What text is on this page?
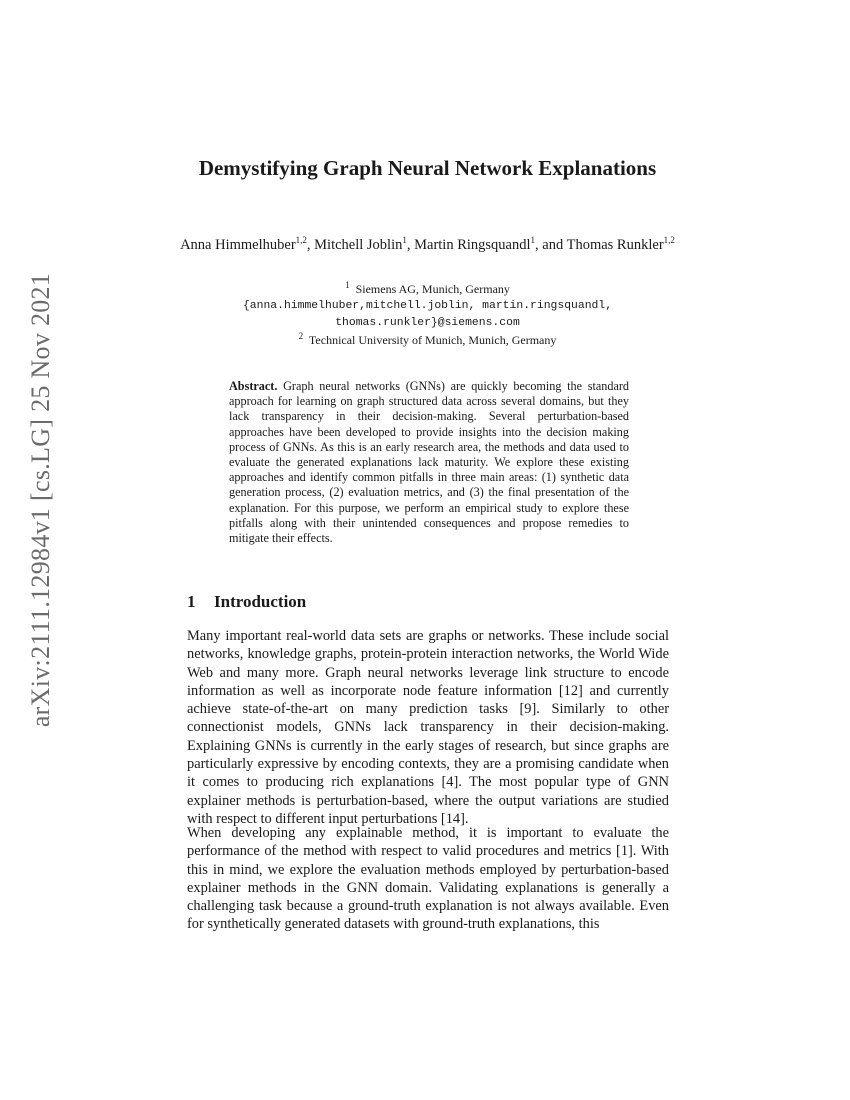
arXiv:2111.12984v1 [cs.LG] 25 Nov 2021
Demystifying Graph Neural Network Explanations
Anna Himmelhuber$^{1,2}$, Mitchell Joblin$^1$, Martin Ringsquandl$^1$, and Thomas Runkler$^{1,2}$
$^1$ Siemens AG, Munich, Germany
{anna.himmelhuber,mitchell.joblin, martin.ringsquandl,
thomas.runkler}@siemens.com
$^2$ Technical University of Munich, Munich, Germany

Abstract. Graph neural networks (GNNs) are quickly becoming the standard approach for learning on graph structured data across several domains, but they lack transparency in their decision-making. Several perturbation-based approaches have been developed to provide insights into the decision making process of GNNs. As this is an early research area, the methods and data used to evaluate the generated explanations lack maturity. We explore these existing approaches and identify common pitfalls in three main areas: (1) synthetic data generation process, (2) evaluation metrics, and (3) the final presentation of the explanation. For this purpose, we perform an empirical study to explore these pitfalls along with their unintended consequences and propose remedies to mitigate their effects.

1 Introduction

Many important real-world data sets are graphs or networks. These include social networks, knowledge graphs, protein-protein interaction networks, the World Wide Web and many more. Graph neural networks leverage link structure to encode information as well as incorporate node feature information [12] and currently achieve state-of-the-art on many prediction tasks [9]. Similarly to other connectionist models, GNNs lack transparency in their decision-making. Explaining GNNs is currently in the early stages of research, but since graphs are particularly expressive by encoding contexts, they are a promising candidate when it comes to producing rich explanations [4]. The most popular type of GNN explainer methods is perturbation-based, where the output variations are studied with respect to different input perturbations [14].

When developing any explainable method, it is important to evaluate the performance of the method with respect to valid procedures and metrics [1]. With this in mind, we explore the evaluation methods employed by perturbation-based explainer methods in the GNN domain. Validating explanations is generally a challenging task because a ground-truth explanation is not always available. Even for synthetically generated datasets with ground-truth explanations, this
